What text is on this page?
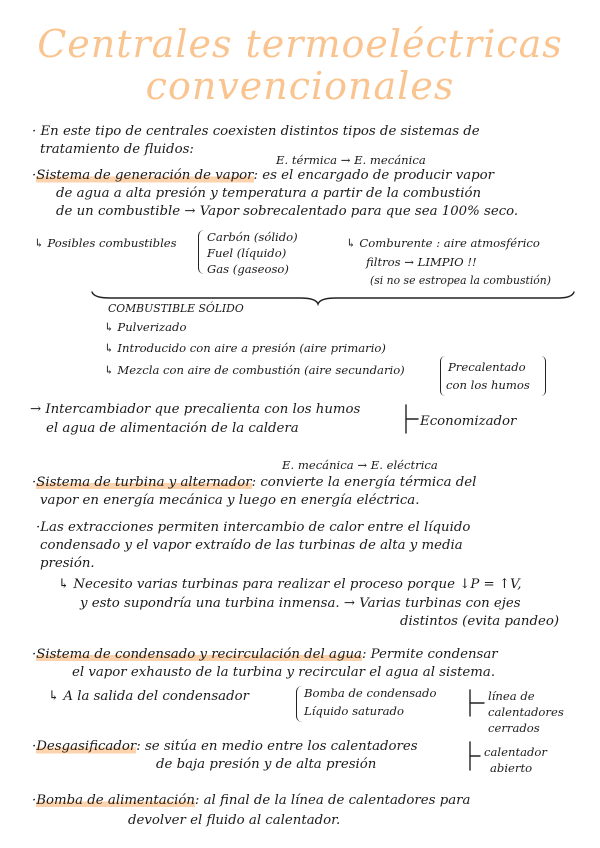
Centrales termoeléctricas
convencionales
· En este tipo de centrales coexisten distintos tipos de sistemas de
tratamiento de fluidos:
E. térmica → E. mecánica
·Sistema de generación de vapor: es el encargado de producir vapor
de agua a alta presión y temperatura a partir de la combustión
de un combustible → Vapor sobrecalentado para que sea 100% seco.
↳ Posibles combustibles	Carbón (sólido)
Fuel (líquido)
Gas (gaseoso)
↳ Comburente : aire atmosférico
filtros → LIMPIO !!
(si no se estropea la combustión)
COMBUSTIBLE SÓLIDO
↳ Pulverizado
↳ Introducido con aire a presión (aire primario)
↳ Mezcla con aire de combustión (aire secundario)	Precalentado
con los humos
→ Intercambiador que precalienta con los humos
el agua de alimentación de la caldera	Economizador
E. mecánica → E. eléctrica
·Sistema de turbina y alternador: convierte la energía térmica del
vapor en energía mecánica y luego en energía eléctrica.
·Las extracciones permiten intercambio de calor entre el líquido
condensado y el vapor extraído de las turbinas de alta y media
presión.
↳ Necesito varias turbinas para realizar el proceso porque ↓P = ↑V,
y esto supondría una turbina inmensa. → Varias turbinas con ejes
distintos (evita pandeo)
·Sistema de condensado y recirculación del agua: Permite condensar
el vapor exhausto de la turbina y recircular el agua al sistema.
↳ A la salida del condensador	Bomba de condensado
Líquido saturado
línea de
calentadores
cerrados
·Desgasificador: se sitúa en medio entre los calentadores
de baja presión y de alta presión
calentador
abierto
·Bomba de alimentación: al final de la línea de calentadores para
devolver el fluido al calentador.
